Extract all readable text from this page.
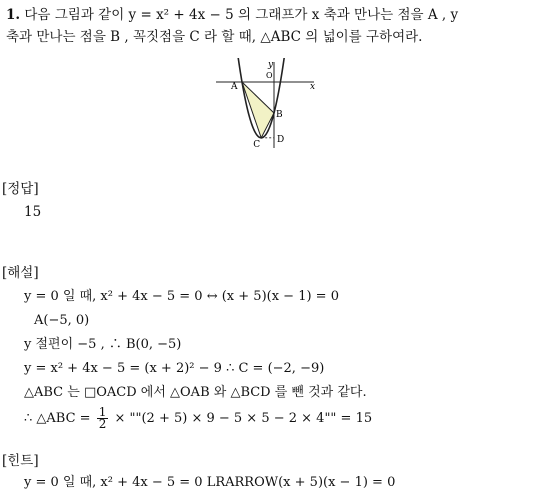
1. 다음 그림과 같이 y = x² + 4x − 5 의 그래프가 x 축과 만나는 점을 A , y
축과 만나는 점을 B , 꼭짓점을 C 라 할 때, △ABC 의 넓이를 구하여라.
y
x
O
A
B
C D
[정답]
15
[해설]
y = 0 일 때, x² + 4x − 5 = 0 ↔ (x + 5)(x − 1) = 0
A(−5, 0)
y 절편이 −5 , ∴ B(0, −5)
y = x² + 4x − 5 = (x + 2)² − 9 ∴ C = (−2, −9)
△ABC 는 □OACD 에서 △OAB 와 △BCD 를 뺀 것과 같다.
∴ △ABC = $\frac{1}{2}$ × ""(2 + 5) × 9 − 5 × 5 − 2 × 4"" = 15
[힌트]
y = 0 일 때, x² + 4x − 5 = 0 LRARROW(x + 5)(x − 1) = 0
